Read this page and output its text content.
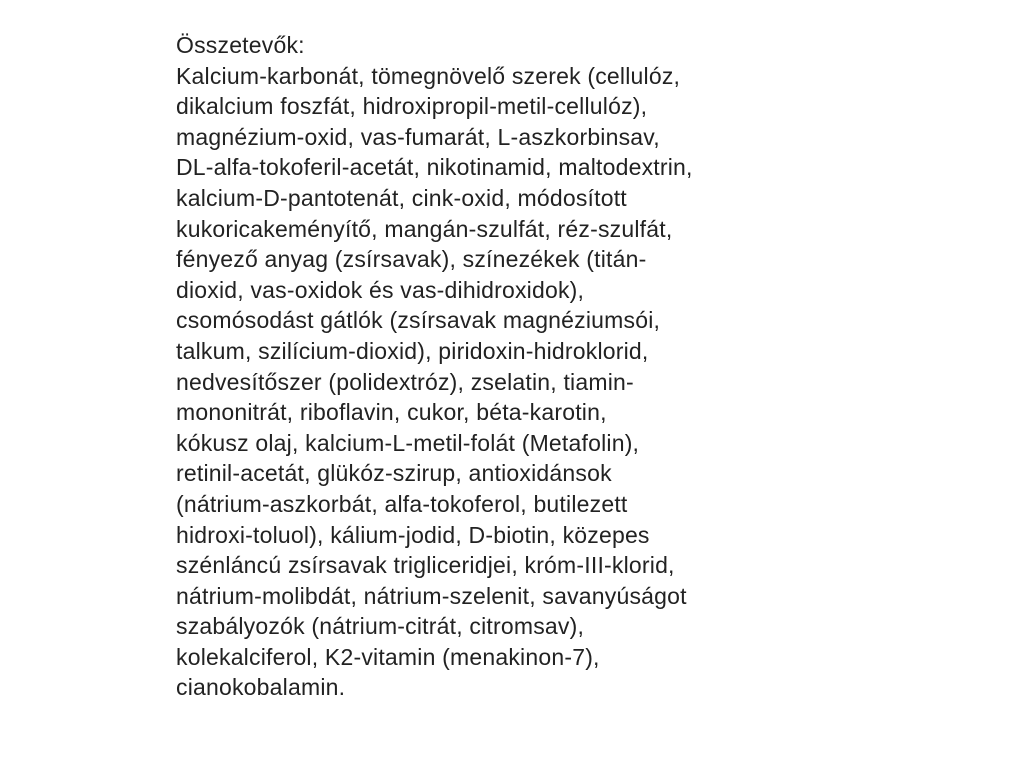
Összetevők:
Kalcium-karbonát, tömegnövelő szerek (cellulóz,
dikalcium foszfát, hidroxipropil-metil-cellulóz),
magnézium-oxid, vas-fumarát, L-aszkorbinsav,
DL-alfa-tokoferil-acetát, nikotinamid, maltodextrin,
kalcium-D-pantotenát, cink-oxid, módosított
kukoricakeményítő, mangán-szulfát, réz-szulfát,
fényező anyag (zsírsavak), színezékek (titán-
dioxid, vas-oxidok és vas-dihidroxidok),
csomósodást gátlók (zsírsavak magnéziumsói,
talkum, szilícium-dioxid), piridoxin-hidroklorid,
nedvesítőszer (polidextróz), zselatin, tiamin-
mononitrát, riboflavin, cukor, béta-karotin,
kókusz olaj, kalcium-L-metil-folát (Metafolin),
retinil-acetát, glükóz-szirup, antioxidánsok
(nátrium-aszkorbát, alfa-tokoferol, butilezett
hidroxi-toluol), kálium-jodid, D-biotin, közepes
szénláncú zsírsavak trigliceridjei, króm-III-klorid,
nátrium-molibdát, nátrium-szelenit, savanyúságot
szabályozók (nátrium-citrát, citromsav),
kolekalciferol, K2-vitamin (menakinon-7),
cianokobalamin.
